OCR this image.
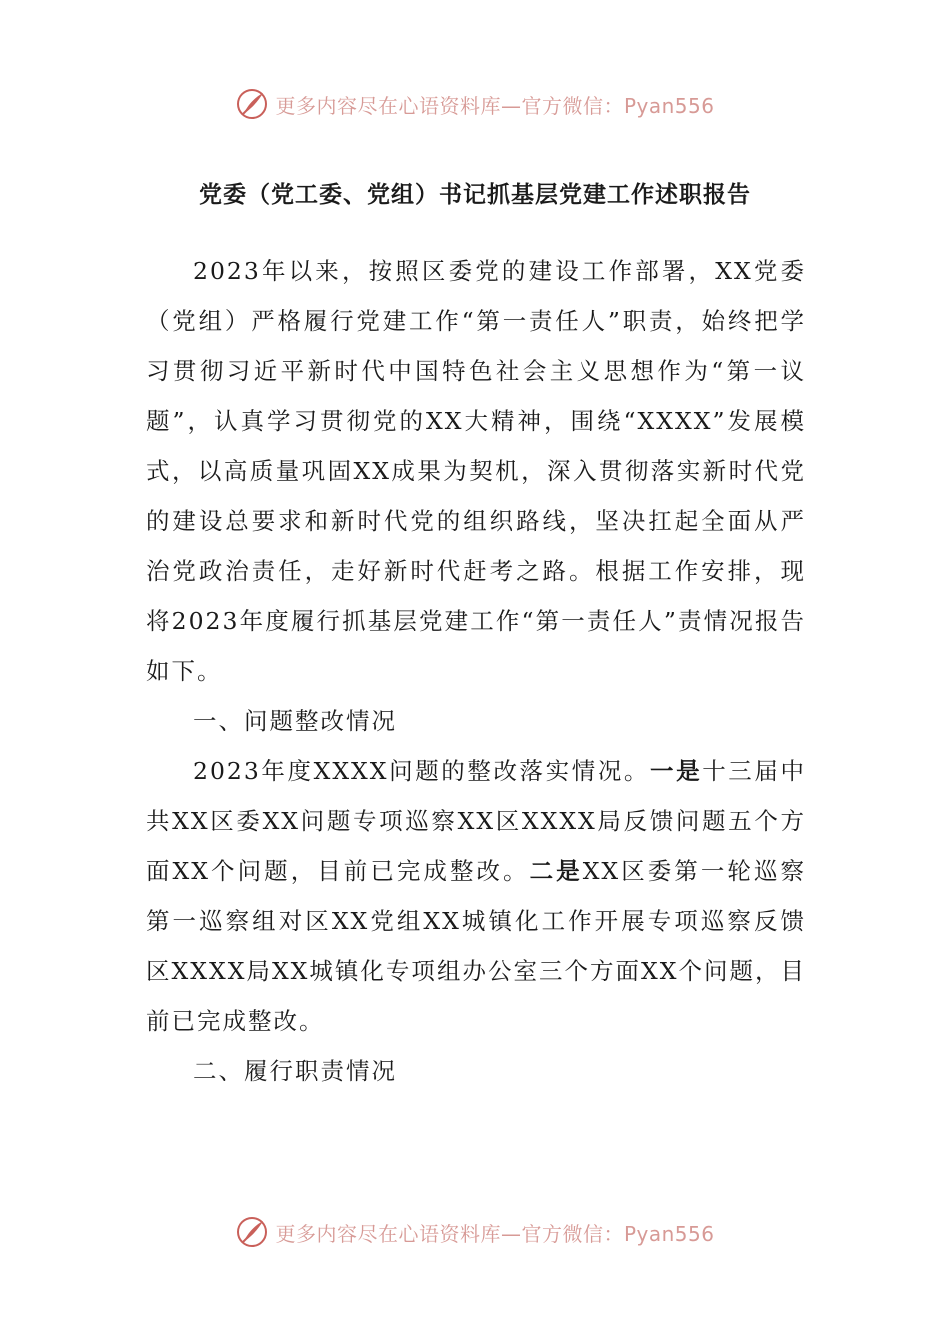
更多内容尽在心语资料库—官方微信：Pyan556
党委（党工委、党组）书记抓基层党建工作述职报告

2023年以来，按照区委党的建设工作部署，XX党委（党组）严格履行党建工作“第一责任人”职责，始终把学习贯彻习近平新时代中国特色社会主义思想作为“第一议题”，认真学习贯彻党的XX大精神，围绕“XXXX”发展模式，以高质量巩固XX成果为契机，深入贯彻落实新时代党的建设总要求和新时代党的组织路线，坚决扛起全面从严治党政治责任，走好新时代赶考之路。根据工作安排，现将2023年度履行抓基层党建工作“第一责任人”责情况报告如下。

一、问题整改情况

2023年度XXXX问题的整改落实情况。一是十三届中共XX区委XX问题专项巡察XX区XXXX局反馈问题五个方面XX个问题，目前已完成整改。二是XX区委第一轮巡察第一巡察组对区XX党组XX城镇化工作开展专项巡察反馈区XXXX局XX城镇化专项组办公室三个方面XX个问题，目前已完成整改。

二、履行职责情况

更多内容尽在心语资料库—官方微信：Pyan556
